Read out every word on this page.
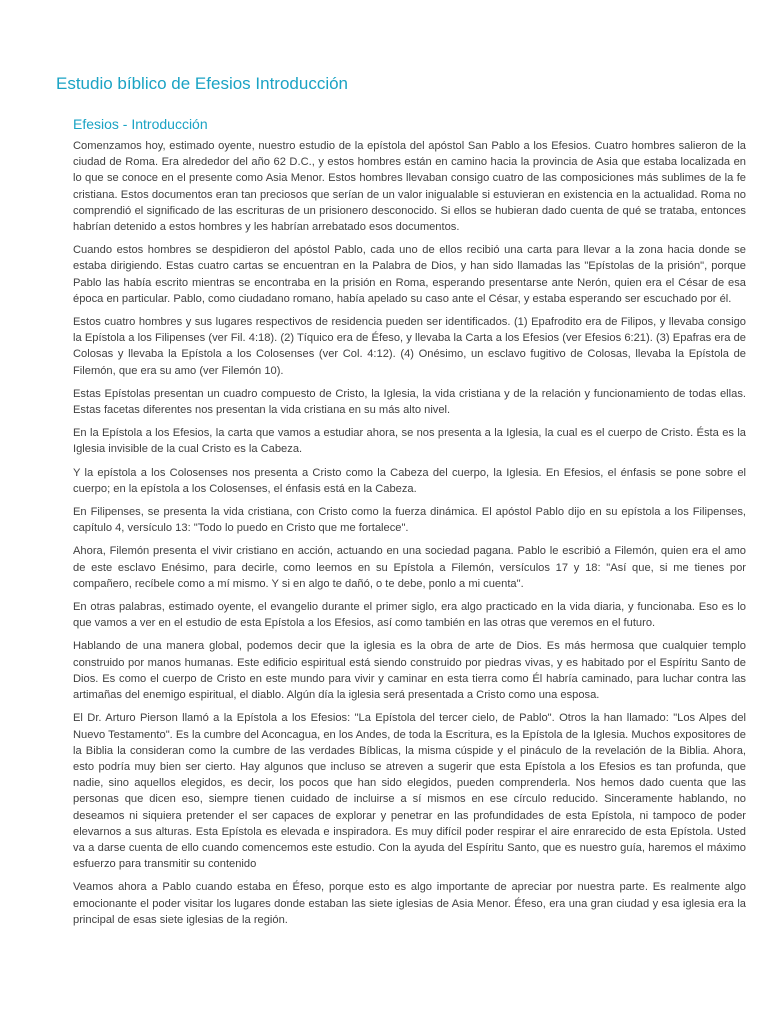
Estudio bíblico de Efesios Introducción
Efesios - Introducción

Comenzamos hoy, estimado oyente, nuestro estudio de la epístola del apóstol San Pablo a los Efesios. Cuatro hombres salieron de la ciudad de Roma. Era alrededor del año 62 D.C., y estos hombres están en camino hacia la provincia de Asia que estaba localizada en lo que se conoce en el presente como Asia Menor. Estos hombres llevaban consigo cuatro de las composiciones más sublimes de la fe cristiana. Estos documentos eran tan preciosos que serían de un valor inigualable si estuvieran en existencia en la actualidad. Roma no comprendió el significado de las escrituras de un prisionero desconocido. Si ellos se hubieran dado cuenta de qué se trataba, entonces habrían detenido a estos hombres y les habrían arrebatado esos documentos.

Cuando estos hombres se despidieron del apóstol Pablo, cada uno de ellos recibió una carta para llevar a la zona hacia donde se estaba dirigiendo. Estas cuatro cartas se encuentran en la Palabra de Dios, y han sido llamadas las "Epístolas de la prisión", porque Pablo las había escrito mientras se encontraba en la prisión en Roma, esperando presentarse ante Nerón, quien era el César de esa época en particular. Pablo, como ciudadano romano, había apelado su caso ante el César, y estaba esperando ser escuchado por él.

Estos cuatro hombres y sus lugares respectivos de residencia pueden ser identificados. (1) Epafrodito era de Filipos, y llevaba consigo la Epístola a los Filipenses (ver Fil. 4:18). (2) Tíquico era de Éfeso, y llevaba la Carta a los Efesios (ver Efesios 6:21). (3) Epafras era de Colosas y llevaba la Epístola a los Colosenses (ver Col. 4:12). (4) Onésimo, un esclavo fugitivo de Colosas, llevaba la Epístola de Filemón, que era su amo (ver Filemón 10).

Estas Epístolas presentan un cuadro compuesto de Cristo, la Iglesia, la vida cristiana y de la relación y funcionamiento de todas ellas. Estas facetas diferentes nos presentan la vida cristiana en su más alto nivel.

En la Epístola a los Efesios, la carta que vamos a estudiar ahora, se nos presenta a la Iglesia, la cual es el cuerpo de Cristo. Ésta es la Iglesia invisible de la cual Cristo es la Cabeza.

Y la epístola a los Colosenses nos presenta a Cristo como la Cabeza del cuerpo, la Iglesia. En Efesios, el énfasis se pone sobre el cuerpo; en la epístola a los Colosenses, el énfasis está en la Cabeza.

En Filipenses, se presenta la vida cristiana, con Cristo como la fuerza dinámica. El apóstol Pablo dijo en su epístola a los Filipenses, capítulo 4, versículo 13: "Todo lo puedo en Cristo que me fortalece".

Ahora, Filemón presenta el vivir cristiano en acción, actuando en una sociedad pagana. Pablo le escribió a Filemón, quien era el amo de este esclavo Enésimo, para decirle, como leemos en su Epístola a Filemón, versículos 17 y 18: "Así que, si me tienes por compañero, recíbele como a mí mismo. Y si en algo te dañó, o te debe, ponlo a mi cuenta".

En otras palabras, estimado oyente, el evangelio durante el primer siglo, era algo practicado en la vida diaria, y funcionaba. Eso es lo que vamos a ver en el estudio de esta Epístola a los Efesios, así como también en las otras que veremos en el futuro.

Hablando de una manera global, podemos decir que la iglesia es la obra de arte de Dios. Es más hermosa que cualquier templo construido por manos humanas. Este edificio espiritual está siendo construido por piedras vivas, y es habitado por el Espíritu Santo de Dios. Es como el cuerpo de Cristo en este mundo para vivir y caminar en esta tierra como Él habría caminado, para luchar contra las artimañas del enemigo espiritual, el diablo. Algún día la iglesia será presentada a Cristo como una esposa.

El Dr. Arturo Pierson llamó a la Epístola a los Efesios: "La Epístola del tercer cielo, de Pablo". Otros la han llamado: "Los Alpes del Nuevo Testamento". Es la cumbre del Aconcagua, en los Andes, de toda la Escritura, es la Epístola de la Iglesia. Muchos expositores de la Biblia la consideran como la cumbre de las verdades Bíblicas, la misma cúspide y el pináculo de la revelación de la Biblia. Ahora, esto podría muy bien ser cierto. Hay algunos que incluso se atreven a sugerir que esta Epístola a los Efesios es tan profunda, que nadie, sino aquellos elegidos, es decir, los pocos que han sido elegidos, pueden comprenderla. Nos hemos dado cuenta que las personas que dicen eso, siempre tienen cuidado de incluirse a sí mismos en ese círculo reducido. Sinceramente hablando, no deseamos ni siquiera pretender el ser capaces de explorar y penetrar en las profundidades de esta Epístola, ni tampoco de poder elevarnos a sus alturas. Esta Epístola es elevada e inspiradora. Es muy difícil poder respirar el aire enrarecido de esta Epístola. Usted va a darse cuenta de ello cuando comencemos este estudio. Con la ayuda del Espíritu Santo, que es nuestro guía, haremos el máximo esfuerzo para transmitir su contenido

Veamos ahora a Pablo cuando estaba en Éfeso, porque esto es algo importante de apreciar por nuestra parte. Es realmente algo emocionante el poder visitar los lugares donde estaban las siete iglesias de Asia Menor. Éfeso, era una gran ciudad y esa iglesia era la principal de esas siete iglesias de la región.
